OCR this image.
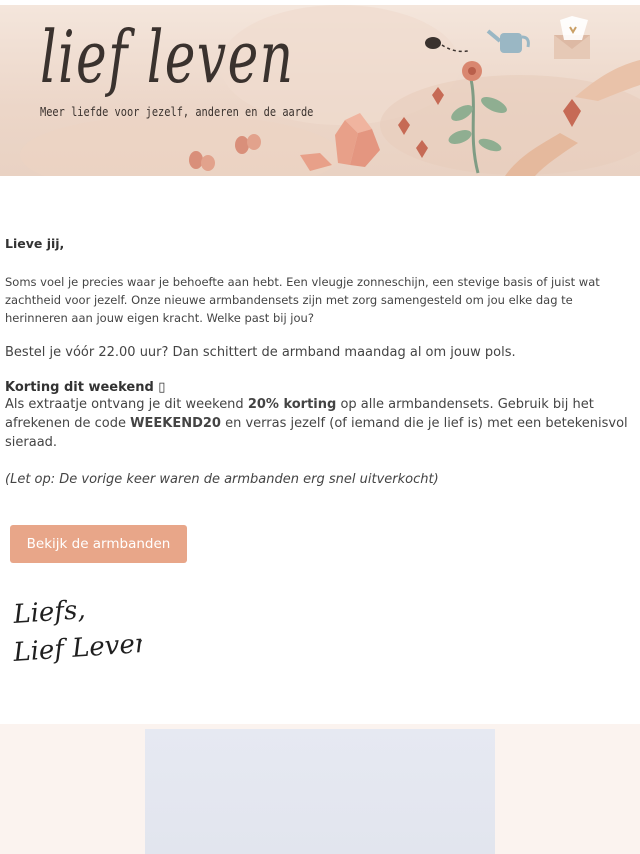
lief leven
Meer liefde voor jezelf, anderen en de aarde

Lieve jij,

Soms voel je precies waar je behoefte aan hebt. Een vleugje zonneschijn, een stevige basis of juist wat zachtheid voor jezelf. Onze nieuwe armbandensets zijn met zorg samengesteld om jou elke dag te herinneren aan jouw eigen kracht. Welke past bij jou?

Bestel je vóór 22.00 uur? Dan schittert de armband maandag al om jouw pols.

Korting dit weekend ▯

Als extraatje ontvang je dit weekend 20% korting op alle armbandensets. Gebruik bij het afrekenen de code WEEKEND20 en verras jezelf (of iemand die je lief is) met een betekenisvol sieraad.

(Let op: De vorige keer waren de armbanden erg snel uitverkocht)

Bekijk de armbanden
Liefs,
Lief Leven
